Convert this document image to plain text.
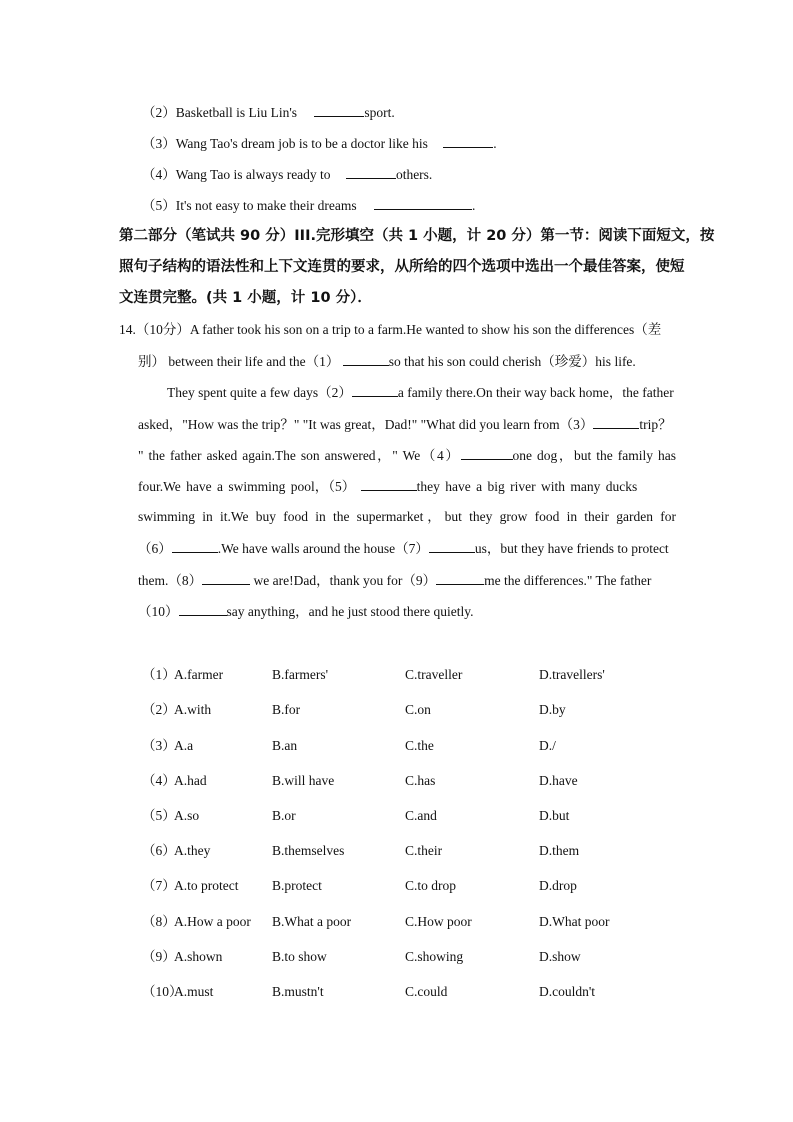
（2）Basketball is Liu Lin's	sport.
（3）Wang Tao's dream job is to be a doctor like his	.
（4）Wang Tao is always ready to	others.
（5）It's not easy to make their dreams	.
第二部分（笔试共 90 分）III.完形填空（共 1 小题，计 20 分）第一节：阅读下面短文，按
照句子结构的语法性和上下文连贯的要求，从所给的四个选项中选出一个最佳答案，使短
文连贯完整。(共 1 小题，计 10 分）．
14.（10分）A father took his son on a trip to a farm.He wanted to show his son the differences（差
别） between their life and the（1）	so that his son could cherish（珍爱）his life.
They spent quite a few days（2）	a family there.On their way back home，the father
asked，"How was the trip？" "It was great，Dad!" "What did you learn from（3）	trip？
" the father asked again.The son answered，" We（4）	one dog，but the family has
four.We have a swimming pool，（5）	they have a big river with many ducks
swimming in it.We buy food in the supermarket，but they grow food in their garden for
（6）	.We have walls around the house（7）	us，but they have friends to protect
them.（8）	we are!Dad，thank you for（9）	me the differences." The father
（10）	say anything，and he just stood there quietly.
（1）
A.farmer	B.farmers'	C.traveller	D.travellers'
（2）
A.with	B.for	C.on	D.by
（3）
A.a	B.an	C.the	D./
（4）
A.had	B.will have	C.has	D.have
（5）
A.so	B.or	C.and	D.but
（6）
A.they	B.themselves	C.their	D.them
（7）
A.to protect B.protect	C.to drop	D.drop
（8）
A.How a poor B.What a poor	C.How poor	D.What poor
（9）
A.shown	B.to show	C.showing	D.show
（10）
A.must	B.mustn't	C.could	D.couldn't
